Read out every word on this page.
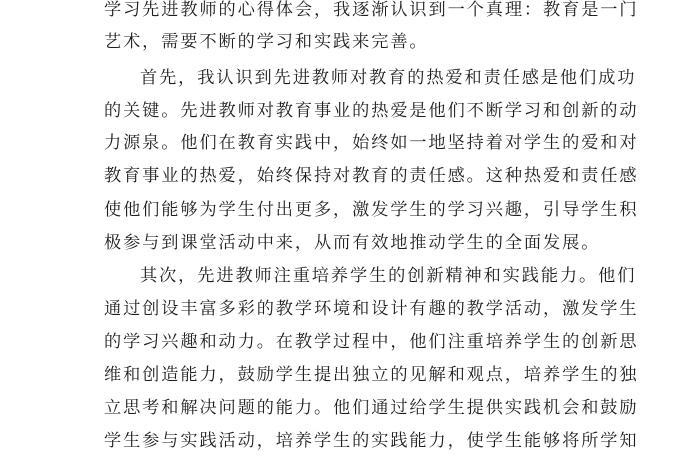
学习先进教师的心得体会，我逐渐认识到一个真理：教育是一门
艺术，需要不断的学习和实践来完善。
首先，我认识到先进教师对教育的热爱和责任感是他们成功
的关键。先进教师对教育事业的热爱是他们不断学习和创新的动
力源泉。他们在教育实践中，始终如一地坚持着对学生的爱和对
教育事业的热爱，始终保持对教育的责任感。这种热爱和责任感
使他们能够为学生付出更多，激发学生的学习兴趣，引导学生积
极参与到课堂活动中来，从而有效地推动学生的全面发展。
其次，先进教师注重培养学生的创新精神和实践能力。他们
通过创设丰富多彩的教学环境和设计有趣的教学活动，激发学生
的学习兴趣和动力。在教学过程中，他们注重培养学生的创新思
维和创造能力，鼓励学生提出独立的见解和观点，培养学生的独
立思考和解决问题的能力。他们通过给学生提供实践机会和鼓励
学生参与实践活动，培养学生的实践能力，使学生能够将所学知
